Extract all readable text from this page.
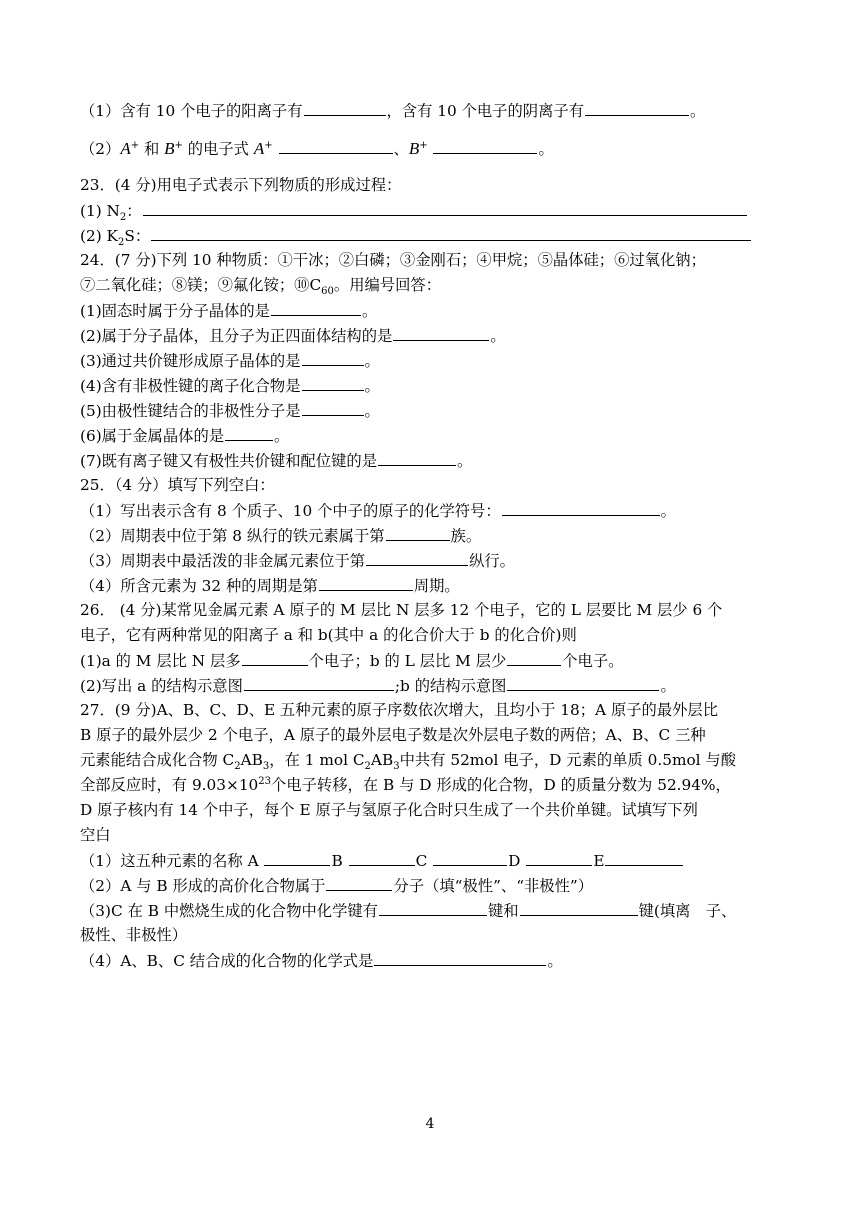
（1）含有 10 个电子的阳离子有	，含有 10 个电子的阴离子有	。
（2）A+ 和 B+ 的电子式 A+	、B+	。
23．(4 分)用电子式表示下列物质的形成过程：
(1) $N_2$：
(2) $K_2S$：
24．(7 分)下列 10 种物质：①干冰；②白磷；③金刚石；④甲烷；⑤晶体硅；⑥过氧化钠；
⑦二氧化硅；⑧镁；⑨氟化铵；$⑩C_{60}$。用编号回答：
(1)固态时属于分子晶体的是	。
(2)属于分子晶体，且分子为正四面体结构的是	。
(3)通过共价键形成原子晶体的是	。
(4)含有非极性键的离子化合物是	。
(5)由极性键结合的非极性分子是	。
(6)属于金属晶体的是	。
(7)既有离子键又有极性共价键和配位键的是	。
25．（4 分）填写下列空白：
（1）写出表示含有 8 个质子、10 个中子的原子的化学符号：	。
（2）周期表中位于第 8 纵行的铁元素属于第	族。
（3）周期表中最活泼的非金属元素位于第	纵行。
（4）所含元素为 32 种的周期是第	周期。
26． (4 分)某常见金属元素 A 原子的 M 层比 N 层多 12 个电子，它的 L 层要比 M 层少 6 个
电子，它有两种常见的阳离子 a 和 b(其中 a 的化合价大于 b 的化合价)则
(1)a 的 M 层比 N 层多	个电子；b 的 L 层比 M 层少	个电子。
(2)写出 a 的结构示意图	;b 的结构示意图	。
27．(9 分)A、B、C、D、E 五种元素的原子序数依次增大，且均小于 18；A 原子的最外层比
B 原子的最外层少 2 个电子，A 原子的最外层电子数是次外层电子数的两倍；A、B、C 三种
元素能结合成化合物 $C_2AB_3$，在 1 mol $C_2AB_3$中共有 52mol 电子，D 元素的单质 0.5mol 与酸
全部反应时，有 $9.03\times 10^{23}$个电子转移，在 B 与 D 形成的化合物，D 的质量分数为 52.94%，
D 原子核内有 14 个中子，每个 E 原子与氢原子化合时只生成了一个共价单键。试填写下列
空白
（1）这五种元素的名称 A	B	C	D	E
（2）A 与 B 形成的高价化合物属于	分子（填“极性”、“非极性”）
（3)C 在 B 中燃烧生成的化合物中化学键有	键和	键(填离　子、
极性、非极性）
（4）A、B、C 结合成的化合物的化学式是	。
4
